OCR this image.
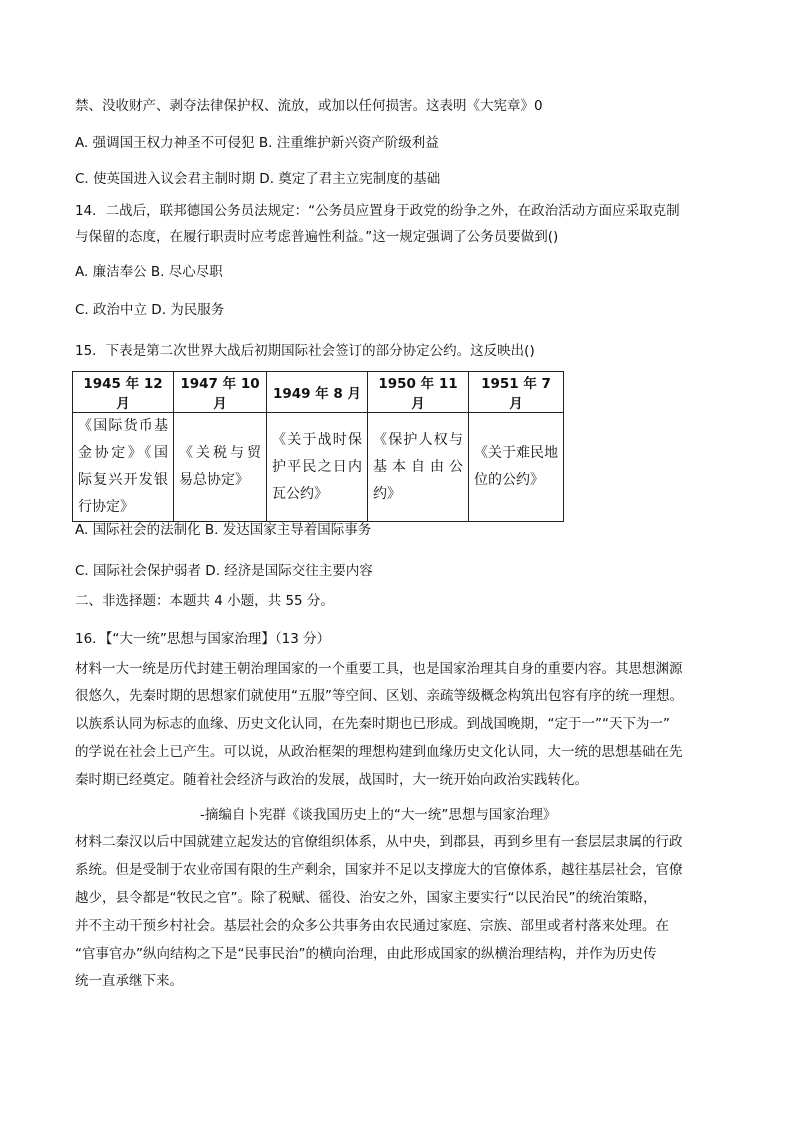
禁、没收财产、剥夺法律保护权、流放，或加以任何损害。这表明《大宪章》0
A. 强调国王权力神圣不可侵犯 B. 注重维护新兴资产阶级利益
C. 使英国进入议会君主制时期 D. 奠定了君主立宪制度的基础
14．二战后，联邦德国公务员法规定：“公务员应置身于政党的纷争之外，在政治活动方面应采取克制
与保留的态度，在履行职责时应考虑普遍性利益。”这一规定强调了公务员要做到()
A. 廉洁奉公 B. 尽心尽职
C. 政治中立 D. 为民服务
15．下表是第二次世界大战后初期国际社会签订的部分协定公约。这反映出()
1945 年 12 月	1947 年 10 月	1949 年 8 月	1950 年 11 月	1951 年 7 月
《国际货币基金协定》《国际复兴开发银行协定》	《关税与贸易总协定》	《关于战时保护平民之日内瓦公约》	《保护人权与基本自由公约》	《关于难民地位的公约》
A. 国际社会的法制化 B. 发达国家主导着国际事务
C. 国际社会保护弱者 D. 经济是国际交往主要内容
二、非选择题：本题共 4 小题，共 55 分。
16．【“大一统”思想与国家治理】（13 分）
材料一大一统是历代封建王朝治理国家的一个重要工具，也是国家治理其自身的重要内容。其思想渊源
很悠久，先秦时期的思想家们就使用“五服”等空间、区划、亲疏等级概念构筑出包容有序的统一理想。
以族系认同为标志的血缘、历史文化认同，在先秦时期也已形成。到战国晚期，“定于一”“天下为一”
的学说在社会上已产生。可以说，从政治框架的理想构建到血缘历史文化认同，大一统的思想基础在先
秦时期已经奠定。随着社会经济与政治的发展，战国时，大一统开始向政治实践转化。
-摘编自卜宪群《谈我国历史上的“大一统”思想与国家治理》
材料二秦汉以后中国就建立起发达的官僚组织体系，从中央，到郡县，再到乡里有一套层层隶属的行政
系统。但是受制于农业帝国有限的生产剩余，国家并不足以支撑庞大的官僚体系，越往基层社会，官僚
越少，县令都是“牧民之官”。除了税赋、徭役、治安之外，国家主要实行“以民治民”的统治策略，
并不主动干预乡村社会。基层社会的众多公共事务由农民通过家庭、宗族、部里或者村落来处理。在
“官事官办”纵向结构之下是“民事民治”的横向治理，由此形成国家的纵横治理结构，并作为历史传
统一直承继下来。
